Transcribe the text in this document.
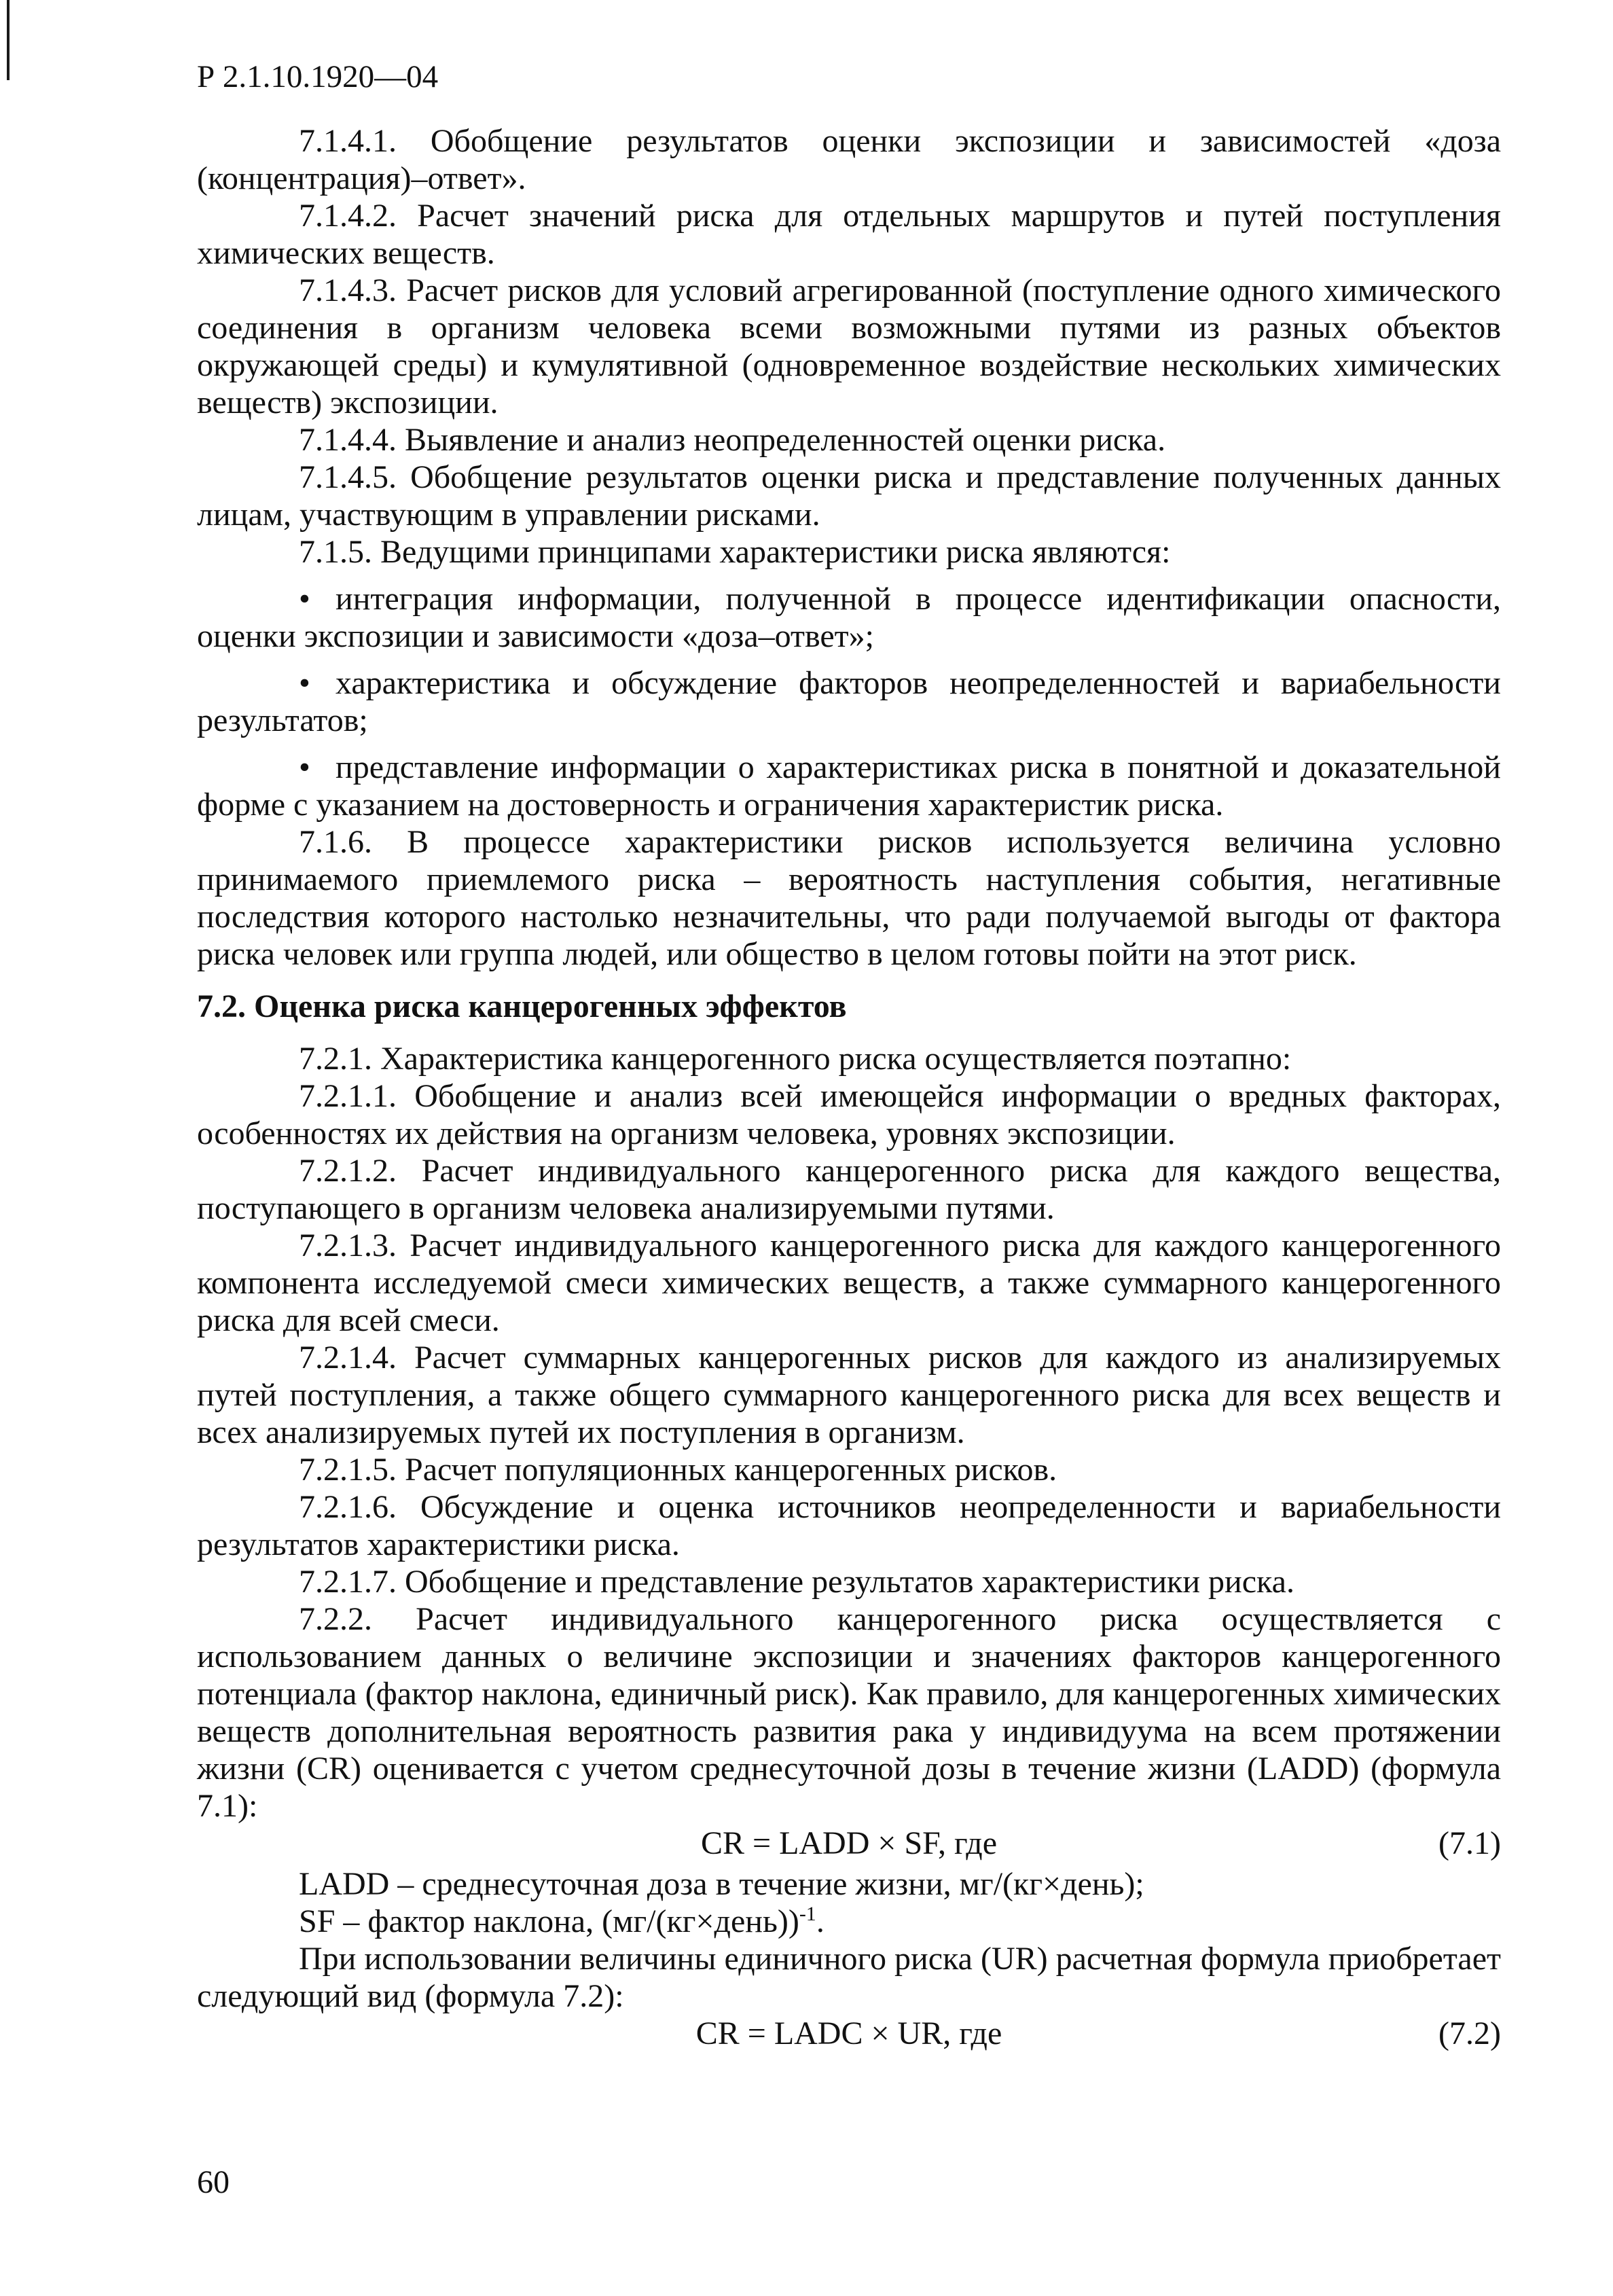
Р 2.1.10.1920—04

7.1.4.1. Обобщение результатов оценки экспозиции и зависимостей «доза (концентрация)–ответ».

7.1.4.2. Расчет значений риска для отдельных маршрутов и путей поступления химических веществ.

7.1.4.3. Расчет рисков для условий агрегированной (поступление одного химического соединения в организм человека всеми возможными путями из разных объектов окружающей среды) и кумулятивной (одновременное воздействие нескольких химических веществ) экспозиции.

7.1.4.4. Выявление и анализ неопределенностей оценки риска.

7.1.4.5. Обобщение результатов оценки риска и представление полученных данных лицам, участвующим в управлении рисками.

7.1.5. Ведущими принципами характеристики риска являются:

• интеграция информации, полученной в процессе идентификации опасности, оценки экспозиции и зависимости «доза–ответ»;

• характеристика и обсуждение факторов неопределенностей и вариабельности результатов;

• представление информации о характеристиках риска в понятной и доказательной форме с указанием на достоверность и ограничения характеристик риска.

7.1.6. В процессе характеристики рисков используется величина условно принимаемого приемлемого риска – вероятность наступления события, негативные последствия которого настолько незначительны, что ради получаемой выгоды от фактора риска человек или группа людей, или общество в целом готовы пойти на этот риск.

7.2. Оценка риска канцерогенных эффектов

7.2.1. Характеристика канцерогенного риска осуществляется поэтапно:

7.2.1.1. Обобщение и анализ всей имеющейся информации о вредных факторах, особенностях их действия на организм человека, уровнях экспозиции.

7.2.1.2. Расчет индивидуального канцерогенного риска для каждого вещества, поступающего в организм человека анализируемыми путями.

7.2.1.3. Расчет индивидуального канцерогенного риска для каждого канцерогенного компонента исследуемой смеси химических веществ, а также суммарного канцерогенного риска для всей смеси.

7.2.1.4. Расчет суммарных канцерогенных рисков для каждого из анализируемых путей поступления, а также общего суммарного канцерогенного риска для всех веществ и всех анализируемых путей их поступления в организм.

7.2.1.5. Расчет популяционных канцерогенных рисков.

7.2.1.6. Обсуждение и оценка источников неопределенности и вариабельности результатов характеристики риска.

7.2.1.7. Обобщение и представление результатов характеристики риска.

7.2.2. Расчет индивидуального канцерогенного риска осуществляется с использованием данных о величине экспозиции и значениях факторов канцерогенного потенциала (фактор наклона, единичный риск). Как правило, для канцерогенных химических веществ дополнительная вероятность развития рака у индивидуума на всем протяжении жизни (CR) оценивается с учетом среднесуточной дозы в течение жизни (LADD) (формула 7.1):

CR = LADD × SF, где	(7.1)

LADD – среднесуточная доза в течение жизни, мг/(кг×день);

SF – фактор наклона, (мг/(кг×день))$^{-1}$.

При использовании величины единичного риска (UR) расчетная формула приобретает следующий вид (формула 7.2):

CR = LADC × UR, где	(7.2)
60
